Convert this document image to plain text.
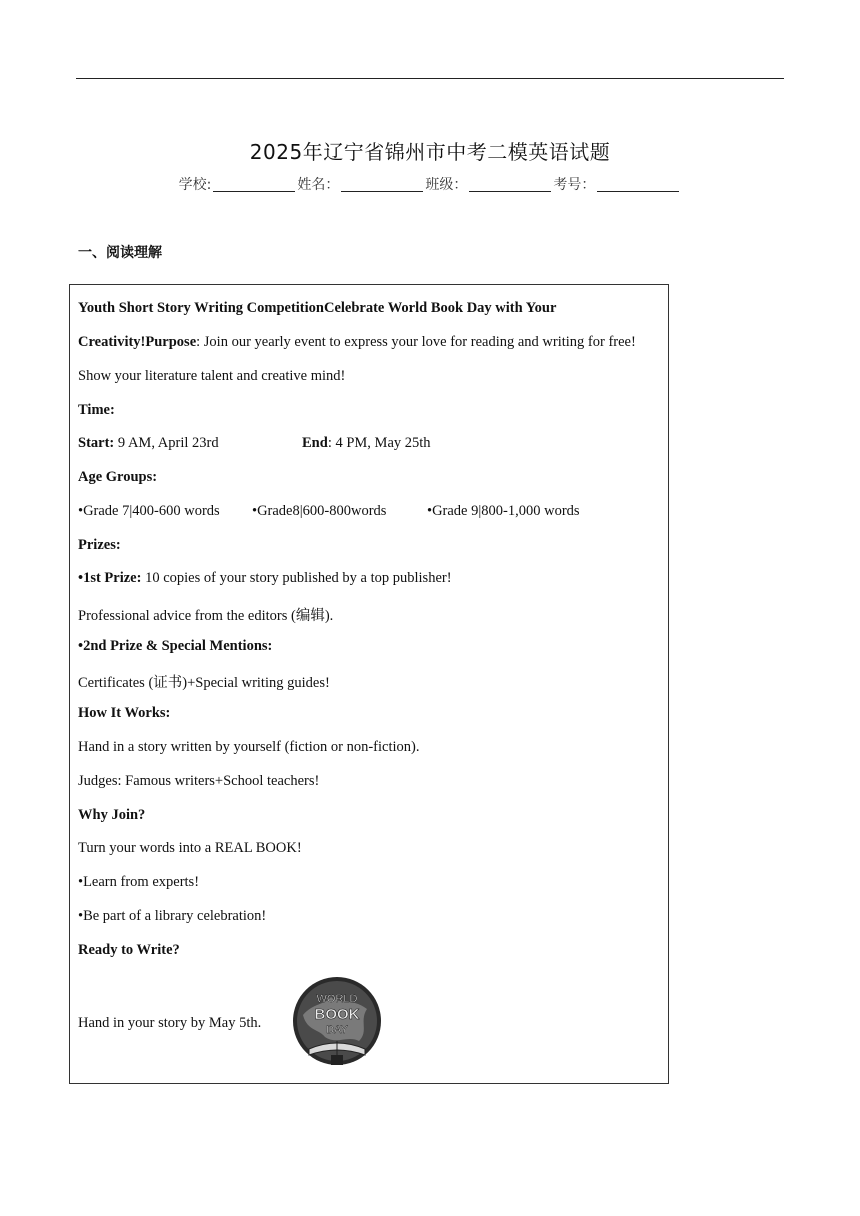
2025年辽宁省锦州市中考二模英语试题
学校:	姓名：	班级：	考号：
一、阅读理解
Youth Short Story Writing CompetitionCelebrate World Book Day with Your
Creativity!Purpose: Join our yearly event to express your love for reading and writing for free!
Show your literature talent and creative mind!
Time:
Start: 9 AM, April 23rd	End: 4 PM, May 25th
Age Groups:
•Grade 7|400-600 words •Grade8|600-800words	•Grade 9|800-1,000 words
Prizes:
•1st Prize: 10 copies of your story published by a top publisher!
Professional advice from the editors (编辑).
•2nd Prize & Special Mentions:
Certificates (证书)+Special writing guides!
How It Works:
Hand in a story written by yourself (fiction or non-fiction).
Judges: Famous writers+School teachers!
Why Join?
Turn your words into a REAL BOOK!
•Learn from experts!
•Be part of a library celebration!
Ready to Write?
Hand in your story by May 5th.
WORLD
BOOK
DAY
